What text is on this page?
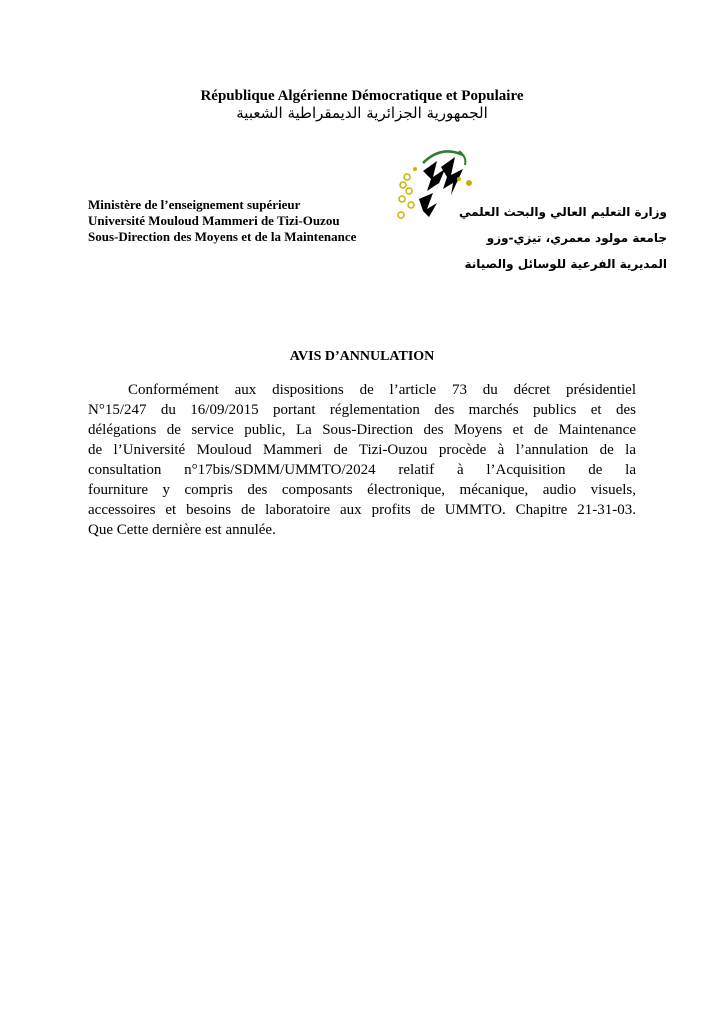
République Algérienne Démocratique et Populaire
الجمهورية الجزائرية الديمقراطية الشعبية
Ministère de l’enseignement supérieur
Université Mouloud Mammeri de Tizi-Ouzou
Sous-Direction des Moyens et de la Maintenance
وزارة التعليم العالي والبحث العلمي
جامعة مولود معمري، تيزي-وزو
المديرية الفرعية للوسائل والصيانة
AVIS D’ANNULATION
Conformément aux dispositions de l’article 73 du décret présidentiel
N°15/247 du 16/09/2015 portant réglementation des marchés publics et des
délégations de service public, La Sous-Direction des Moyens et de Maintenance
de l’Université Mouloud Mammeri de Tizi-Ouzou procède à l’annulation de la
consultation n°17bis/SDMM/UMMTO/2024 relatif à l’Acquisition de la
fourniture y compris des composants électronique, mécanique, audio visuels,
accessoires et besoins de laboratoire aux profits de UMMTO. Chapitre 21-31-03.
Que Cette dernière est annulée.
